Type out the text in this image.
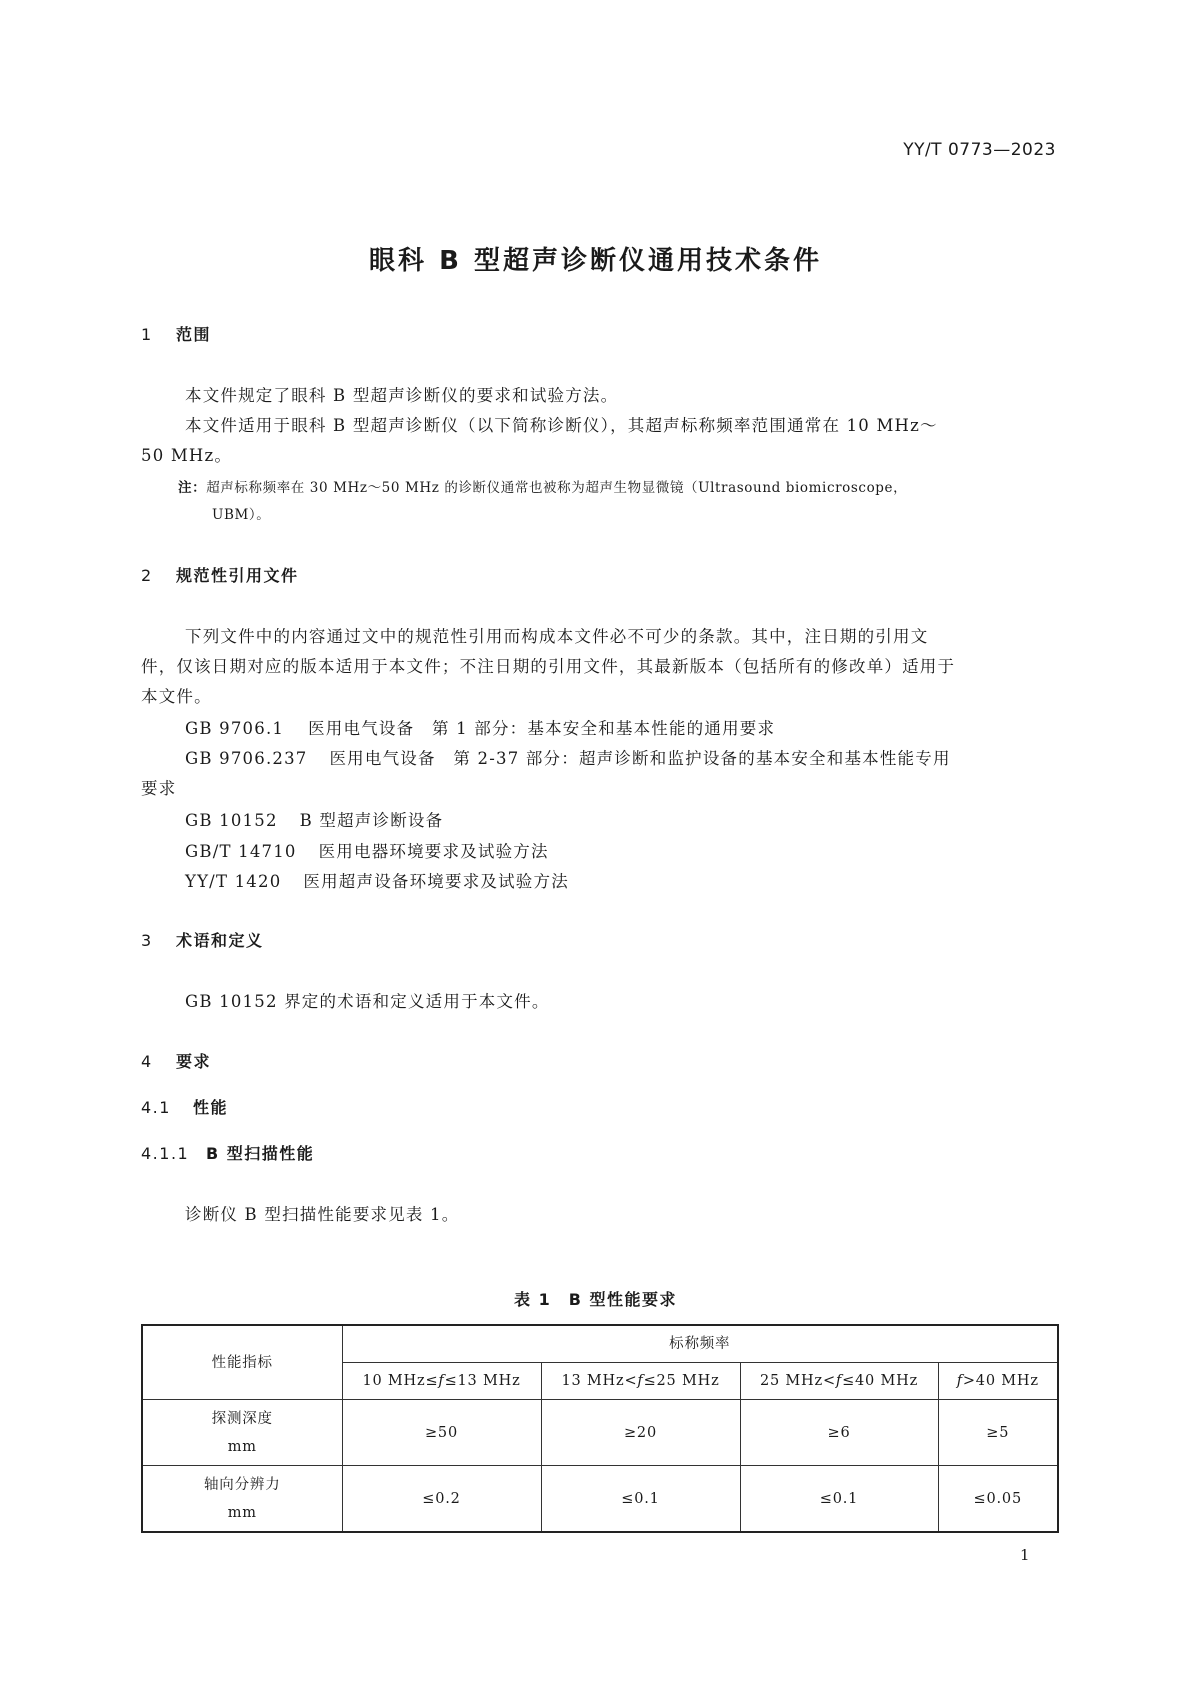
YY/T 0773—2023
眼科 B 型超声诊断仪通用技术条件
1 范围
本文件规定了眼科 B 型超声诊断仪的要求和试验方法。
本文件适用于眼科 B 型超声诊断仪（以下简称诊断仪），其超声标称频率范围通常在 10 MHz～
50 MHz。
注：超声标称频率在 30 MHz～50 MHz 的诊断仪通常也被称为超声生物显微镜（Ultrasound biomicroscope，
UBM）。
2 规范性引用文件
下列文件中的内容通过文中的规范性引用而构成本文件必不可少的条款。其中，注日期的引用文
件，仅该日期对应的版本适用于本文件；不注日期的引用文件，其最新版本（包括所有的修改单）适用于
本文件。
GB 9706.1 医用电气设备　第 1 部分：基本安全和基本性能的通用要求
GB 9706.237 医用电气设备　第 2-37 部分：超声诊断和监护设备的基本安全和基本性能专用
要求
GB 10152 B 型超声诊断设备
GB/T 14710 医用电器环境要求及试验方法
YY/T 1420 医用超声设备环境要求及试验方法
3 术语和定义
GB 10152 界定的术语和定义适用于本文件。
4 要求
4.1 性能
4.1.1 B 型扫描性能
诊断仪 B 型扫描性能要求见表 1。
表 1　B 型性能要求
性能指标	标称频率			
	10 MHz≤f≤13 MHz	13 MHz<f≤25 MHz	25 MHz<f≤40 MHz	f>40 MHz

探测深度
mm	≥50	≥20	≥6	≥5

轴向分辨力
mm	≤0.2	≤0.1	≤0.1	≤0.05
1
